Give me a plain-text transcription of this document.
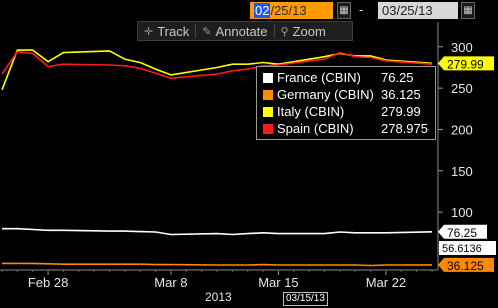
100
150
200
250
300
Feb 28	Mar 8	Mar 15	Mar 22
279.99
76.25
56.6136
36.125
02/25/13	▦ -	03/25/13	▦
✛ Track ✎ Annotate ⚲ Zoom
France (CBIN)	76.25
Germany (CBIN) 36.125
Italy (CBIN)	279.99
Spain (CBIN)	278.975
2013	03/15/13
